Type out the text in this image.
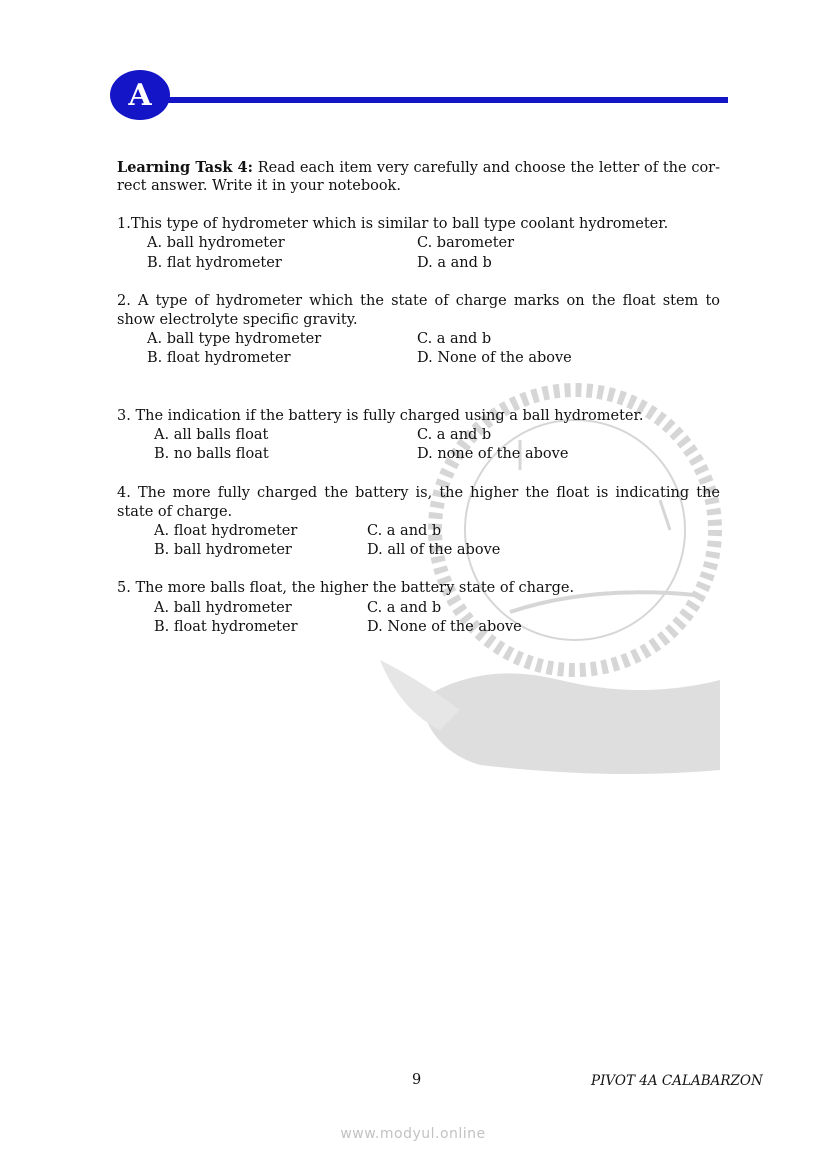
A
Learning Task 4: Read each item very carefully and choose the letter of the cor-
rect answer. Write it in your notebook.
1.This type of hydrometer which is similar to ball type coolant hydrometer.
A. ball hydrometer	C. barometer
B. flat hydrometer	D. a and b
2. A type of hydrometer which the state of charge marks on the float stem to
show electrolyte specific gravity.
A. ball type hydrometer	C. a and b
B. float hydrometer	D. None of the above
3. The indication if the battery is fully charged using a ball hydrometer.
A. all balls float	C. a and b
B. no balls float	D. none of the above
4. The more fully charged the battery is, the higher the float is indicating the
state of charge.
A. float hydrometer	C. a and b
B. ball hydrometer	D. all of the above
5. The more balls float, the higher the battery state of charge.
A. ball hydrometer	C. a and b
B. float hydrometer	D. None of the above
9	PIVOT 4A CALABARZON
www.modyul.online
